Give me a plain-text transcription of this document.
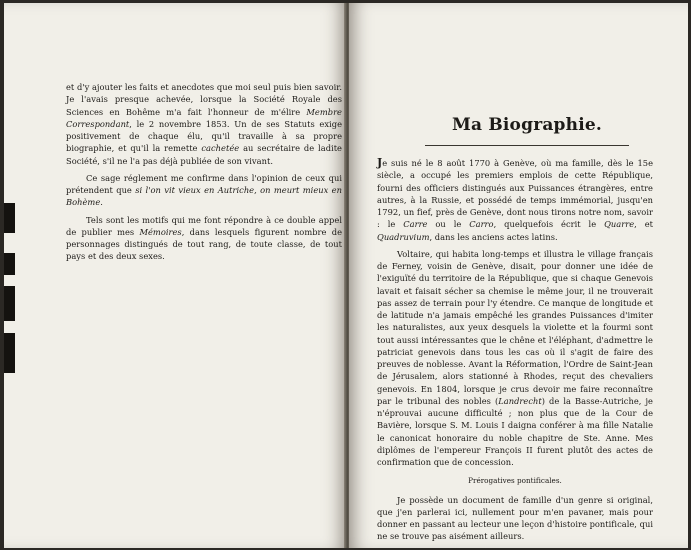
et d'y ajouter les faits et anecdotes que moi seul puis bien savoir. Je l'avais presque achevée, lorsque la Société Royale des Sciences en Bohême m'a fait l'honneur de m'élire Membre Correspondant, le 2 novembre 1853. Un de ses Statuts exige positivement de chaque élu, qu'il travaille à sa propre biographie, et qu'il la remette cachetée au secrétaire de ladite Société, s'il ne l'a pas déjà publiée de son vivant.

Ce sage réglement me confirme dans l'opinion de ceux qui prétendent que si l'on vit vieux en Autriche, on meurt mieux en Bohème.

Tels sont les motifs qui me font répondre à ce double appel de publier mes Mémoires, dans lesquels figurent nombre de personnages distingués de tout rang, de toute classe, de tout pays et des deux sexes.

Ma Biographie.

Je suis né le 8 août 1770 à Genève, où ma famille, dès le 15e siècle, a occupé les premiers emplois de cette République, fourni des officiers distingués aux Puissances étrangères, entre autres, à la Russie, et possédé de temps immémorial, jusqu'en 1792, un fief, près de Genève, dont nous tirons notre nom, savoir : le Carre ou le Carro, quelquefois écrit le Quarre, et Quadruvium, dans les anciens actes latins.

Voltaire, qui habita long-temps et illustra le village français de Ferney, voisin de Genève, disait, pour donner une idée de l'exiguïté du territoire de la République, que si chaque Genevois lavait et faisait sécher sa chemise le même jour, il ne trouverait pas assez de terrain pour l'y étendre. Ce manque de longitude et de latitude n'a jamais empêché les grandes Puissances d'imiter les naturalistes, aux yeux desquels la violette et la fourmi sont tout aussi intéressantes que le chêne et l'éléphant, d'admettre le patriciat genevois dans tous les cas où il s'agit de faire des preuves de noblesse. Avant la Réformation, l'Ordre de Saint-Jean de Jérusalem, alors stationné à Rhodes, reçut des chevaliers genevois. En 1804, lorsque je crus devoir me faire reconnaître par le tribunal des nobles (Landrecht) de la Basse-Autriche, je n'éprouvai aucune difficulté ; non plus que de la Cour de Bavière, lorsque S. M. Louis I daigna conférer à ma fille Natalie le canonicat honoraire du noble chapitre de Ste. Anne. Mes diplômes de l'empereur François II furent plutôt des actes de confirmation que de concession.

Prérogatives pontificales.

Je possède un document de famille d'un genre si original, que j'en parlerai ici, nullement pour m'en pavaner, mais pour donner en passant au lecteur une leçon d'histoire pontificale, qui ne se trouve pas aisément ailleurs.
